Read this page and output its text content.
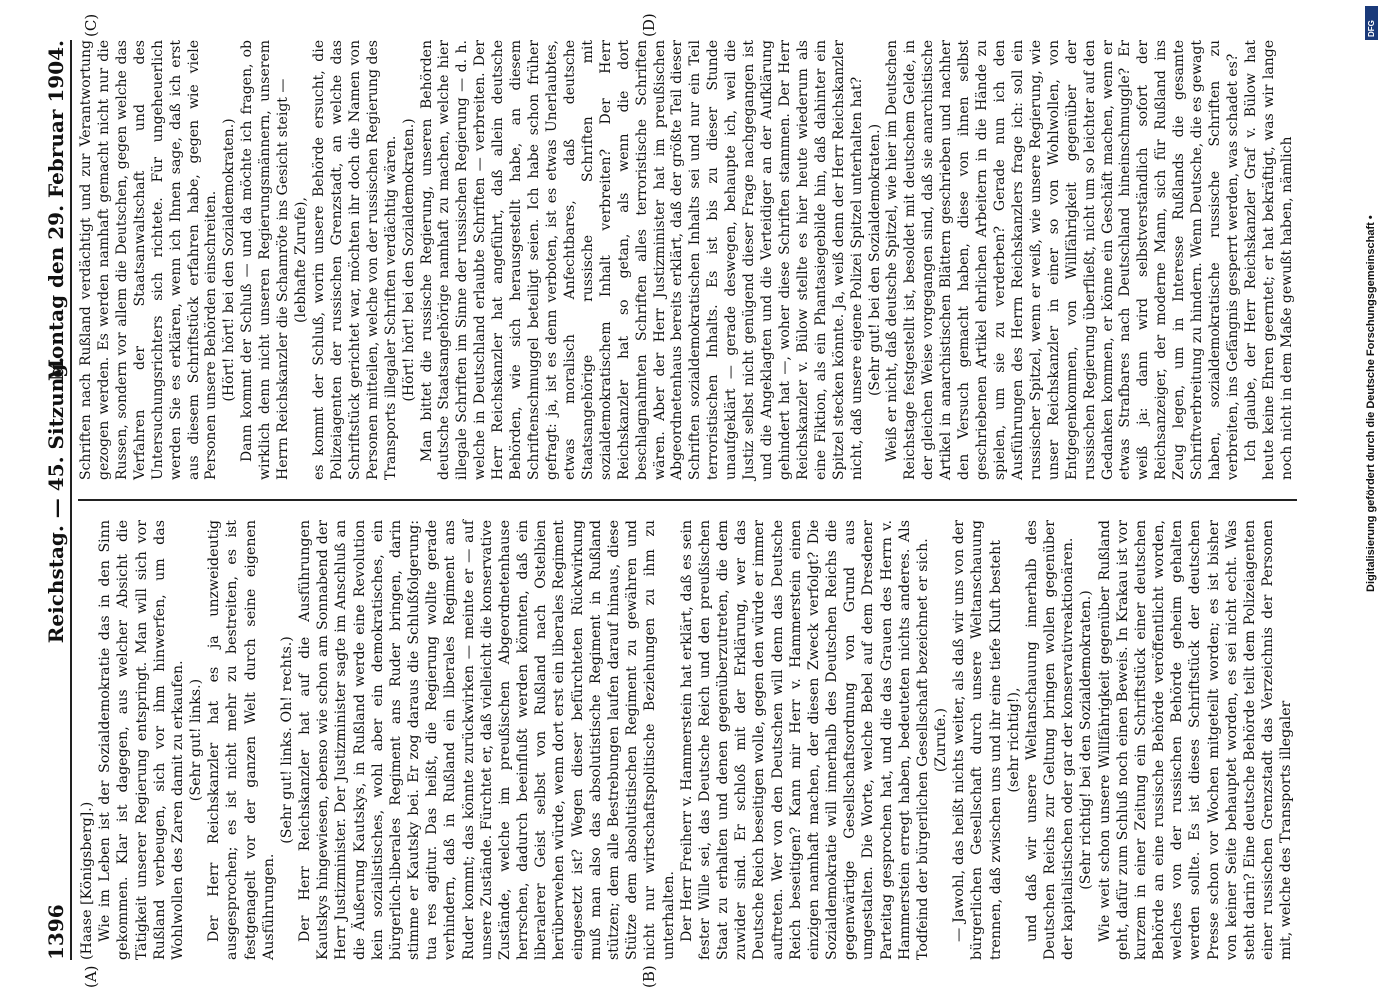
1396
Reichstag. — 45. Sitzung.
Montag den 29. Februar 1904.
(A)	(B)
(C)	(D)

(Haase [Königsberg].) Wie im Leben ist der Sozialdemokratie das in den Sinn gekommen. Klar ist dagegen, aus welcher Absicht die Tätigkeit unserer Regierung entspringt. Man will sich vor Rußland verbeugen, sich vor ihm hinwerfen, um das Wohlwollen des Zaren damit zu erkaufen. (Sehr gut! links.) Der Herr Reichskanzler hat es ja unzweideutig ausgesprochen; es ist nicht mehr zu bestreiten, es ist festgenagelt vor der ganzen Welt durch seine eigenen Ausführungen.

(Sehr gut! links. Oh! rechts.) Der Herr Reichskanzler hat auf die Ausführungen Kautskys hingewiesen, ebenso wie schon am Sonnabend der Herr Justizminister. Der Justizminister sagte im Anschluß an die Äußerung Kautskys, in Rußland werde eine Revolution kein sozialistisches, wohl aber ein demokratisches, ein bürgerlich-liberales Regiment ans Ruder bringen, darin stimme er Kautsky bei. Er zog daraus die Schlußfolgerung: tua res agitur. Das heißt, die Regierung wollte gerade verhindern, daß in Rußland ein liberales Regiment ans Ruder kommt; das könnte zurückwirken — meinte er — auf unsere Zustände. Fürchtet er, daß vielleicht die konservative Zustände, welche im preußischen Abgeordnetenhause herrschen, dadurch beeinflußt werden könnten, daß ein liberalerer Geist selbst von Rußland nach Ostelbien herüberwehen würde, wenn dort erst ein liberales Regiment eingesetzt ist? Wegen dieser befürchteten Rückwirkung muß man also das absolutistische Regiment in Rußland stützen; dem alle Bestrebungen laufen darauf hinaus, diese Stütze dem absolutistischen Regiment zu gewähren und nicht nur wirtschaftspolitische Beziehungen zu ihm zu unterhalten. Der Herr Freiherr v. Hammerstein hat erklärt, daß es sein fester Wille sei, das Deutsche Reich und den preußischen Staat zu erhalten und denen gegenüberzutreten, die dem zuwider sind. Er schloß mit der Erklärung, wer das Deutsche Reich beseitigen wolle, gegen den würde er immer auftreten. Wer von den Deutschen will denn das Deutsche Reich beseitigen? Kann mir Herr v. Hammerstein einen einzigen namhaft machen, der diesen Zweck verfolgt? Die Sozialdemokratie will innerhalb des Deutschen Reichs die gegenwärtige Gesellschaftsordnung von Grund aus umgestalten. Die Worte, welche Bebel auf dem Dresdener Parteitag gesprochen hat, und die das Grauen des Herrn v. Hammerstein erregt haben, bedeuteten nichts anderes. Als Todfeind der bürgerlichen Gesellschaft bezeichnet er sich. (Zurufe.) — Jawohl, das heißt nichts weiter, als daß wir uns von der bürgerlichen Gesellschaft durch unsere Weltanschauung trennen, daß zwischen uns und ihr eine tiefe Kluft besteht (sehr richtig!), und daß wir unsere Weltanschauung innerhalb des Deutschen Reichs zur Geltung bringen wollen gegenüber der kapitalistischen oder gar der konservativreaktionären. (Sehr richtig! bei den Sozialdemokraten.) Wie weit schon unsere Willfährigkeit gegenüber Rußland geht, dafür zum Schluß noch einen Beweis. In Krakau ist vor kurzem in einer Zeitung ein Schriftstück einer deutschen Behörde an eine russische Behörde veröffentlicht worden, welches von der russischen Behörde geheim gehalten werden sollte. Es ist dieses Schriftstück der deutschen Presse schon vor Wochen mitgeteilt worden; es ist bisher von keiner Seite behauptet worden, es sei nicht echt. Was steht darin? Eine deutsche Behörde teilt dem Polizeiagenten einer russischen Grenzstadt das Verzeichnis der Personen mit, welche des Transports illegaler

Schriften nach Rußland verdächtigt und zur Verantwortung gezogen werden. Es werden namhaft gemacht nicht nur die Russen, sondern vor allem die Deutschen, gegen welche das Verfahren der Staatsanwaltschaft und des Untersuchungsrichters sich richtete. Für ungeheuerlich werden Sie es erklären, wenn ich Ihnen sage, daß ich erst aus diesem Schriftstück erfahren habe, gegen wie viele Personen unsere Behörden einschreiten. (Hört! hört! bei den Sozialdemokraten.) Dann kommt der Schluß — und da möchte ich fragen, ob wirklich denn nicht unseren Regierungsmännern, unserem Herrn Reichskanzler die Schamröte ins Gesicht steigt — (lebhafte Zurufe), es kommt der Schluß, worin unsere Behörde ersucht, die Polizeiagenten der russischen Grenzstadt, an welche das Schriftstück gerichtet war, möchten ihr doch die Namen von Personen mitteilen, welche von der russischen Regierung des Transports illegaler Schriften verdächtig wären. (Hört! hört! bei den Sozialdemokraten.) Man bittet die russische Regierung, unseren Behörden deutsche Staatsangehörige namhaft zu machen, welche hier illegale Schriften im Sinne der russischen Regierung — d. h. welche in Deutschland erlaubte Schriften — verbreiten. Der Herr Reichskanzler hat angeführt, daß allein deutsche Behörden, wie sich herausgestellt habe, an diesem Schriftenschmuggel beteiligt seien. Ich habe schon früher gefragt: ja, ist es denn verboten, ist es etwas Unerlaubtes, etwas moralisch Anfechtbares, daß deutsche Staatsangehörige russische Schriften mit sozialdemokratischem Inhalt verbreiten? Der Herr Reichskanzler hat so getan, als wenn die dort beschlagnahmten Schriften alles terroristische Schriften wären. Aber der Herr Justizminister hat im preußischen Abgeordnetenhaus bereits erklärt, daß der größte Teil dieser Schriften sozialdemokratischen Inhalts sei und nur ein Teil terroristischen Inhalts. Es ist bis zu dieser Stunde unaufgeklärt — gerade deswegen, behaupte ich, weil die Justiz selbst nicht genügend dieser Frage nachgegangen ist und die Angeklagten und die Verteidiger an der Aufklärung gehindert hat —, woher diese Schriften stammen. Der Herr Reichskanzler v. Bülow stellte es hier heute wiederum als eine Fiktion, als ein Phantasiegebilde hin, daß dahinter ein Spitzel stecken könnte. Ja, weiß denn der Herr Reichskanzler nicht, daß unsere eigene Polizei Spitzel unterhalten hat? (Sehr gut! bei den Sozialdemokraten.) Weiß er nicht, daß deutsche Spitzel, wie hier im Deutschen Reichstage festgestellt ist, besoldet mit deutschem Gelde, in der gleichen Weise vorgegangen sind, daß sie anarchistische Artikel in anarchistischen Blättern geschrieben und nachher den Versuch gemacht haben, diese von ihnen selbst geschriebenen Artikel ehrlichen Arbeitern in die Hände zu spielen, um sie zu verderben? Gerade nun ich den Ausführungen des Herrn Reichskanzlers frage ich: soll ein russischer Spitzel, wenn er weiß, wie unsere Regierung, wie unser Reichskanzler in einer so von Wohlwollen, von Entgegenkommen, von Willfährigkeit gegenüber der russischen Regierung überfließt, nicht um so leichter auf den Gedanken kommen, er könne ein Geschäft machen, wenn er etwas Strafbares nach Deutschland hineinschmuggle? Er weiß ja: dann wird selbstverständlich sofort der Reichsanzeiger, der moderne Mann, sich für Rußland ins Zeug legen, um in Interesse Rußlands die gesamte Schriftverbreitung zu hindern. Wenn Deutsche, die es gewagt haben, sozialdemokratische russische Schriften zu verbreiten, ins Gefängnis gesperrt werden, was schadet es? Ich glaube, der Herr Reichskanzler Graf v. Bülow hat heute keine Ehren geerntet; er hat bekräftigt, was wir lange noch nicht in dem Maße gewußt haben, nämlich	Digitalisierung gefördert durch die Deutsche Forschungsgemeinschaft •
DFG
